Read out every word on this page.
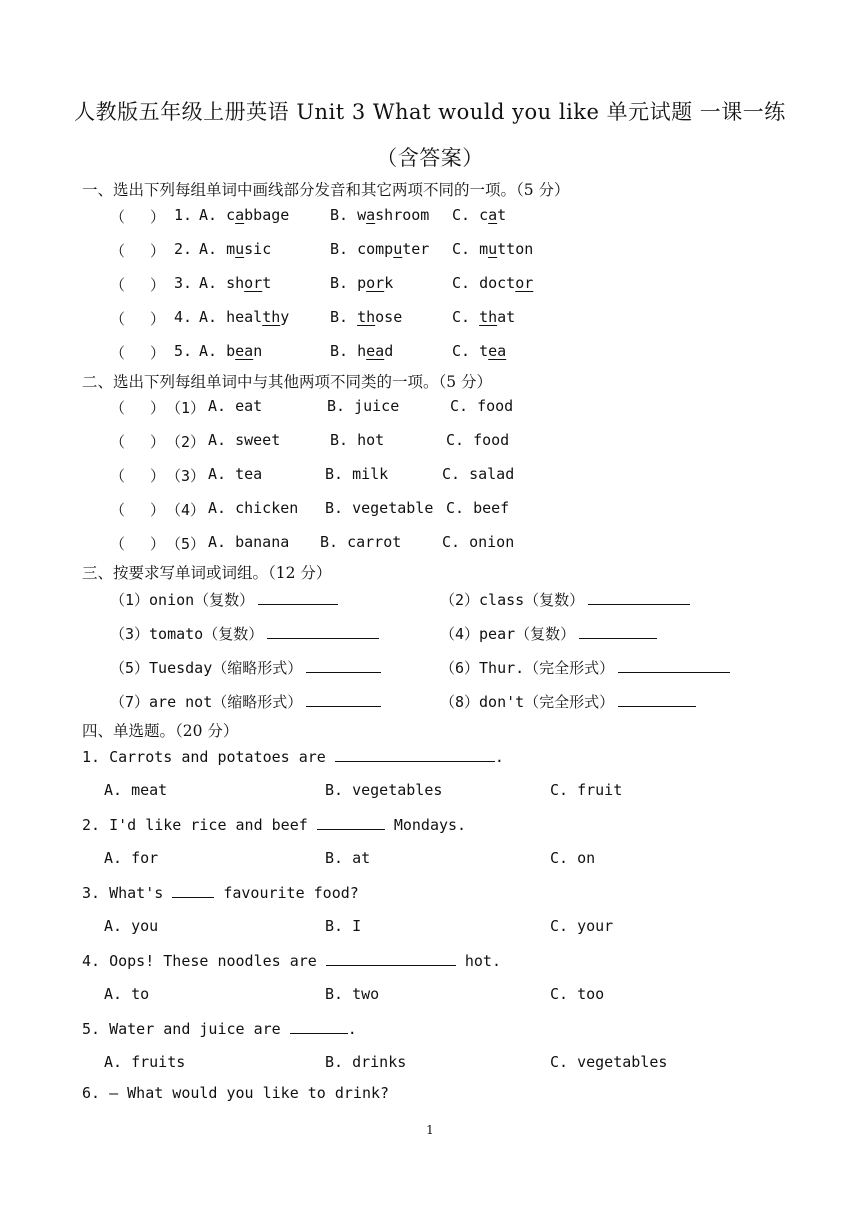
人教版五年级上册英语 Unit 3 What would you like 单元试题 一课一练
（含答案）
一、选出下列每组单词中画线部分发音和其它两项不同的一项。（5 分）
（ ） 1. A. cabbage	B. washroom C. cat
（ ） 2. A. music	B. computer C. mutton
（ ） 3. A. short	B. pork	C. doctor
（ ） 4. A. healthy	B. those	C. that
（ ） 5. A. bean	B. head	C. tea
二、选出下列每组单词中与其他两项不同类的一项。（5 分）
（ ） （1） A. eat	B. juice	C. food
（ ） （2） A. sweet	B. hot	C. food
（ ） （3） A. tea	B. milk	C. salad
（ ） （4） A. chicken B. vegetable C. beef
（ ） （5） A. banana B. carrot	C. onion
三、按要求写单词或词组。（12 分）
（1）onion（复数）	（2）class（复数）
（3）tomato（复数）	（4）pear（复数）
（5）Tuesday（缩略形式）	（6）Thur.（完全形式）
（7）are not（缩略形式）	（8）don't（完全形式）
四、单选题。（20 分）
1. Carrots and potatoes are	.
A. meat	B. vegetables	C. fruit
2. I'd like rice and beef	Mondays.
A. for	B. at	C. on
3. What's	favourite food?
A. you	B. I	C. your
4. Oops! These noodles are	hot.
A. to	B. two	C. too
5. Water and juice are	.
A. fruits	B. drinks	C. vegetables
6. — What would you like to drink?
1
